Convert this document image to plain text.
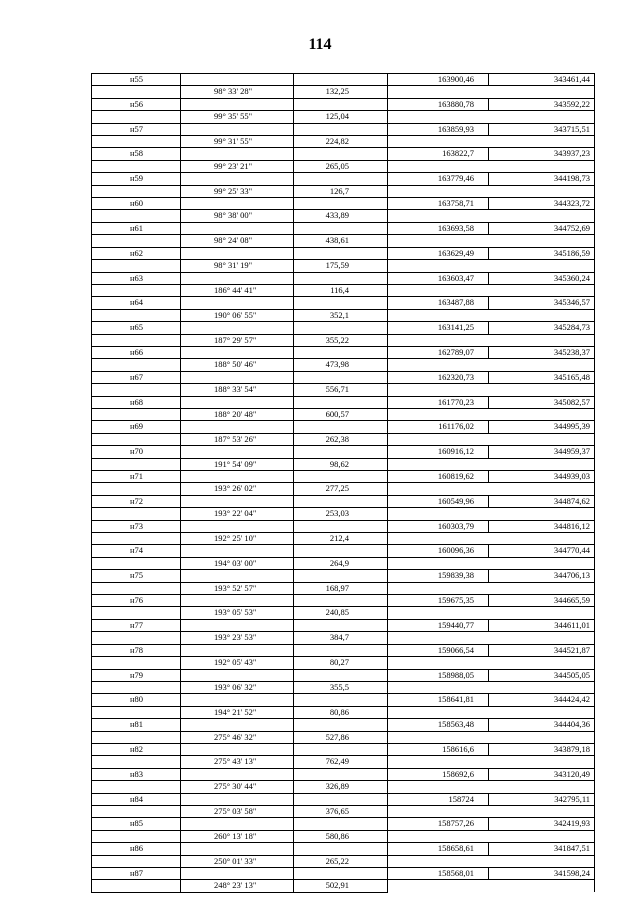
114
н55			163900,46	343461,44
	98° 33' 28"	132,25		
н56			163880,78	343592,22
	99° 35' 55"	125,04		
н57			163859,93	343715,51
	99° 31' 55"	224,82		
н58			163822,7	343937,23
	99° 23' 21"	265,05		
н59			163779,46	344198,73
	99° 25' 33"	126,7		
н60			163758,71	344323,72
	98° 38' 00"	433,89		
н61			163693,58	344752,69
	98° 24' 08"	438,61		
н62			163629,49	345186,59
	98° 31' 19"	175,59		
н63			163603,47	345360,24
	186° 44' 41"	116,4		
н64			163487,88	345346,57
	190° 06' 55"	352,1		
н65			163141,25	345284,73
	187° 29' 57"	355,22		
н66			162789,07	345238,37
	188° 50' 46"	473,98		
н67			162320,73	345165,48
	188° 33' 54"	556,71		
н68			161770,23	345082,57
	188° 20' 48"	600,57		
н69			161176,02	344995,39
	187° 53' 26"	262,38		
н70			160916,12	344959,37
	191° 54' 09"	98,62		
н71			160819,62	344939,03
	193° 26' 02"	277,25		
н72			160549,96	344874,62
	193° 22' 04"	253,03		
н73			160303,79	344816,12
	192° 25' 10"	212,4		
н74			160096,36	344770,44
	194° 03' 00"	264,9		
н75			159839,38	344706,13
	193° 52' 57"	168,97		
н76			159675,35	344665,59
	193° 05' 53"	240,85		
н77			159440,77	344611,01
	193° 23' 53"	384,7		
н78			159066,54	344521,87
	192° 05' 43"	80,27		
н79			158988,05	344505,05
	193° 06' 32"	355,5		
н80			158641,81	344424,42
	194° 21' 52"	80,86		
н81			158563,48	344404,36
	275° 46' 32"	527,86		
н82			158616,6	343879,18
	275° 43' 13"	762,49		
н83			158692,6	343120,49
	275° 30' 44"	326,89		
н84			158724	342795,11
	275° 03' 58"	376,65		
н85			158757,26	342419,93
	260° 13' 18"	580,86		
н86			158658,61	341847,51
	250° 01' 33"	265,22		
н87			158568,01	341598,24
	248° 23' 13"	502,91		
